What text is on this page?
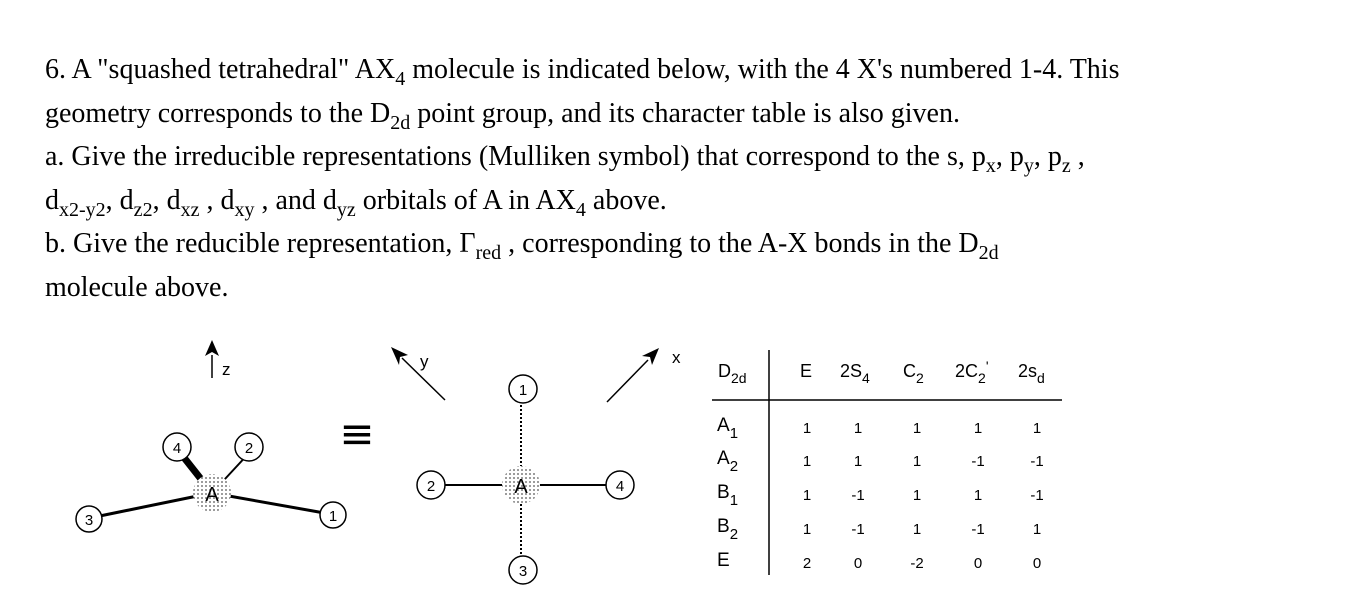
6. A "squashed tetrahedral" $AX_4$ molecule is indicated below, with the 4 X's numbered 1-4. This

geometry corresponds to the $D_{2d}$ point group, and its character table is also given.

a. Give the irreducible representations (Mulliken symbol) that correspond to the s, $p_x$, $p_y$, $p_z$ ,

$d_{x2-y2}$, $d_{z2}$, $d_{xz}$ , $d_{xy}$ , and $d_{yz}$ orbitals of A in $AX_4$ above.

b. Give the reducible representation, $\Gamma_{red}$ , corresponding to the A-X bonds in the $D_{2d}$

molecule above.

z	y	x
≡
A
4	2
3	1
A
1
2	4
3
$D_{2d}$	E $2S_4$ $C_2$ $2C_2'$ $2s_d$
$A_1$	1	1	1	1	1
$A_2$	1	1	1	-1	-1
$B_1$	1	-1	1	1	-1
$B_2$	1	-1	1	-1	1
E	2	0	-2	0	0
